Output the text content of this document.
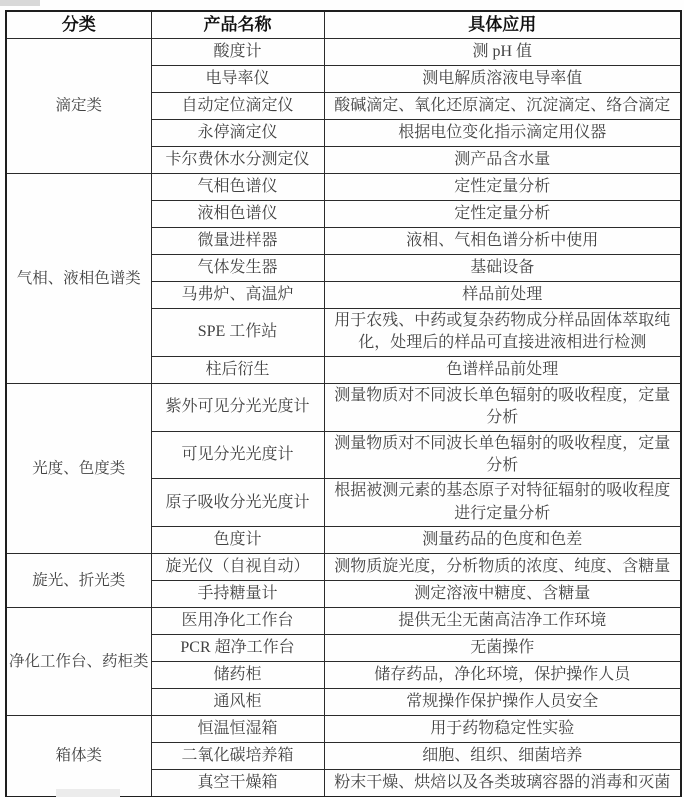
分类	产品名称	具体应用
滴定类	酸度计	测 pH 值
	电导率仪	测电解质溶液电导率值
	自动定位滴定仪	酸碱滴定、氧化还原滴定、沉淀滴定、络合滴定
	永停滴定仪	根据电位变化指示滴定用仪器
	卡尔费休水分测定仪	测产品含水量
气相、液相色谱类	气相色谱仪	定性定量分析
	液相色谱仪	定性定量分析
	微量进样器	液相、气相色谱分析中使用
	气体发生器	基础设备
	马弗炉、高温炉	样品前处理
	SPE 工作站	用于农残、中药或复杂药物成分样品固体萃取纯化，处理后的样品可直接进液相进行检测
	柱后衍生	色谱样品前处理
光度、色度类	紫外可见分光光度计	测量物质对不同波长单色辐射的吸收程度，定量分析
	可见分光光度计	测量物质对不同波长单色辐射的吸收程度，定量分析
	原子吸收分光光度计	根据被测元素的基态原子对特征辐射的吸收程度进行定量分析
	色度计	测量药品的色度和色差
旋光、折光类	旋光仪（自视自动）	测物质旋光度，分析物质的浓度、纯度、含糖量
	手持糖量计	测定溶液中糖度、含糖量
净化工作台、药柜类	医用净化工作台	提供无尘无菌高洁净工作环境
	PCR 超净工作台	无菌操作
	储药柜	储存药品，净化环境，保护操作人员
	通风柜	常规操作保护操作人员安全
箱体类	恒温恒湿箱	用于药物稳定性实验
	二氧化碳培养箱	细胞、组织、细菌培养
	真空干燥箱	粉末干燥、烘焙以及各类玻璃容器的消毒和灭菌
